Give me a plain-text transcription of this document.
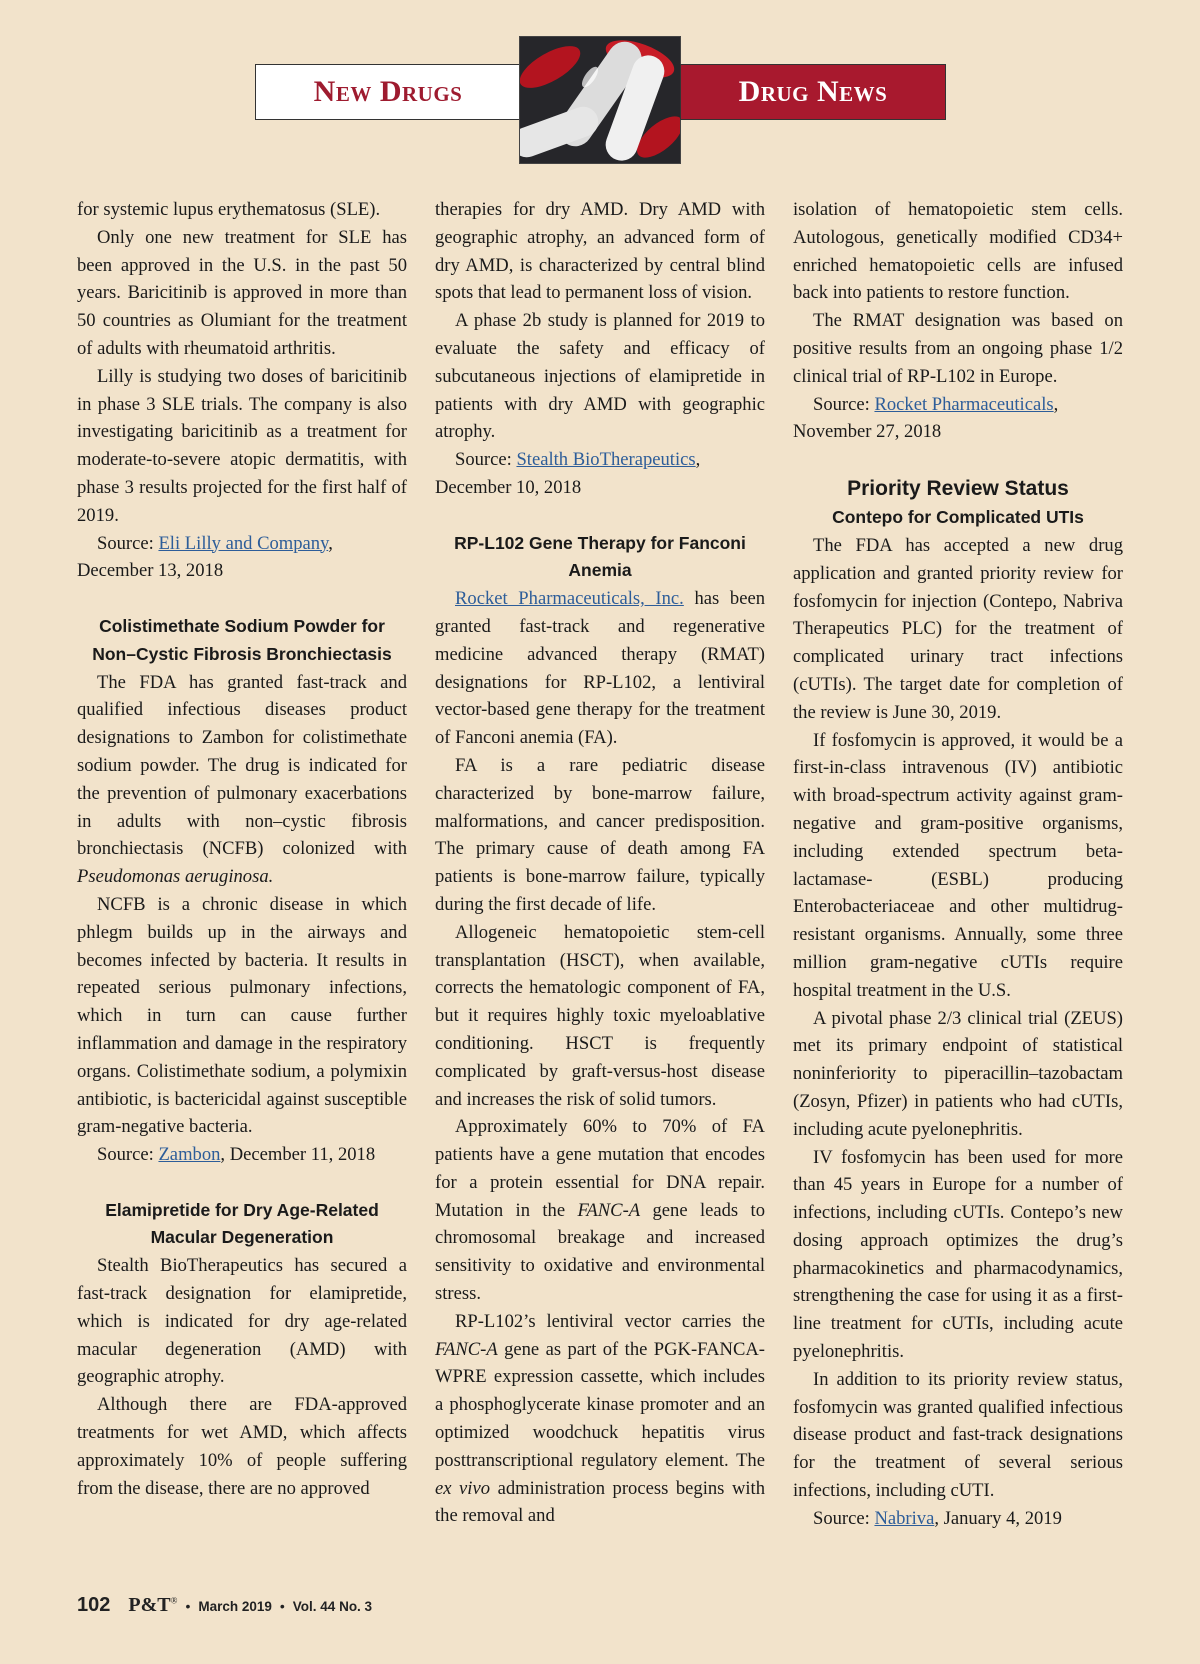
New Drugs	Drug News

for systemic lupus erythematosus (SLE).

Only one new treatment for SLE has been approved in the U.S. in the past 50 years. Baricitinib is approved in more than 50 countries as Olumiant for the treatment of adults with rheumatoid arthritis.

Lilly is studying two doses of baricitinib in phase 3 SLE trials. The company is also investigating baricitinib as a treatment for moderate-to-severe atopic dermatitis, with phase 3 results projected for the first half of 2019.

Source: Eli Lilly and Company, December 13, 2018

Colistimethate Sodium Powder for Non–Cystic Fibrosis Bronchiectasis

The FDA has granted fast-track and qualified infectious diseases product designations to Zambon for colistimethate sodium powder. The drug is indicated for the prevention of pulmonary exacerbations in adults with non–cystic fibrosis bronchiectasis (NCFB) colonized with Pseudomonas aeruginosa.

NCFB is a chronic disease in which phlegm builds up in the airways and becomes infected by bacteria. It results in repeated serious pulmonary infections, which in turn can cause further inflammation and damage in the respiratory organs. Colistimethate sodium, a polymixin antibiotic, is bactericidal against susceptible gram-negative bacteria.

Source: Zambon, December 11, 2018

Elamipretide for Dry Age-Related Macular Degeneration

Stealth BioTherapeutics has secured a fast-track designation for elamipretide, which is indicated for dry age-related macular degeneration (AMD) with geographic atrophy.

Although there are FDA-approved treatments for wet AMD, which affects approximately 10% of people suffering from the disease, there are no approved

therapies for dry AMD. Dry AMD with geographic atrophy, an advanced form of dry AMD, is characterized by central blind spots that lead to permanent loss of vision.

A phase 2b study is planned for 2019 to evaluate the safety and efficacy of subcutaneous injections of elamipretide in patients with dry AMD with geographic atrophy.

Source: Stealth BioTherapeutics, December 10, 2018

RP-L102 Gene Therapy for Fanconi Anemia

Rocket Pharmaceuticals, Inc. has been granted fast-track and regenerative medicine advanced therapy (RMAT) designations for RP-L102, a lentiviral vector-based gene therapy for the treatment of Fanconi anemia (FA).

FA is a rare pediatric disease characterized by bone-marrow failure, malformations, and cancer predisposition. The primary cause of death among FA patients is bone-marrow failure, typically during the first decade of life.

Allogeneic hematopoietic stem-cell transplantation (HSCT), when available, corrects the hematologic component of FA, but it requires highly toxic myeloablative conditioning. HSCT is frequently complicated by graft-versus-host disease and increases the risk of solid tumors.

Approximately 60% to 70% of FA patients have a gene mutation that encodes for a protein essential for DNA repair. Mutation in the FANC-A gene leads to chromosomal breakage and increased sensitivity to oxidative and environmental stress.

RP-L102’s lentiviral vector carries the FANC-A gene as part of the PGK-FANCA-WPRE expression cassette, which includes a phosphoglycerate kinase promoter and an optimized woodchuck hepatitis virus posttranscriptional regulatory element. The ex vivo administration process begins with the removal and

isolation of hematopoietic stem cells. Autologous, genetically modified CD34+ enriched hematopoietic cells are infused back into patients to restore function.

The RMAT designation was based on positive results from an ongoing phase 1/2 clinical trial of RP-L102 in Europe.

Source: Rocket Pharmaceuticals, November 27, 2018

Priority Review Status
Contepo for Complicated UTIs

The FDA has accepted a new drug application and granted priority review for fosfomycin for injection (Contepo, Nabriva Therapeutics PLC) for the treatment of complicated urinary tract infections (cUTIs). The target date for completion of the review is June 30, 2019.

If fosfomycin is approved, it would be a first-in-class intravenous (IV) antibiotic with broad-spectrum activity against gram-negative and gram-positive organisms, including extended spectrum beta-lactamase- (ESBL) producing Enterobacteriaceae and other multidrug-resistant organisms. Annually, some three million gram-negative cUTIs require hospital treatment in the U.S.

A pivotal phase 2/3 clinical trial (ZEUS) met its primary endpoint of statistical noninferiority to piperacillin–tazobactam (Zosyn, Pfizer) in patients who had cUTIs, including acute pyelonephritis.

IV fosfomycin has been used for more than 45 years in Europe for a number of infections, including cUTIs. Contepo’s new dosing approach optimizes the drug’s pharmacokinetics and pharmacodynamics, strengthening the case for using it as a first-line treatment for cUTIs, including acute pyelonephritis.

In addition to its priority review status, fosfomycin was granted qualified infectious disease product and fast-track designations for the treatment of several serious infections, including cUTI.

Source: Nabriva, January 4, 2019

102 P&T® • March 2019 • Vol. 44 No. 3
